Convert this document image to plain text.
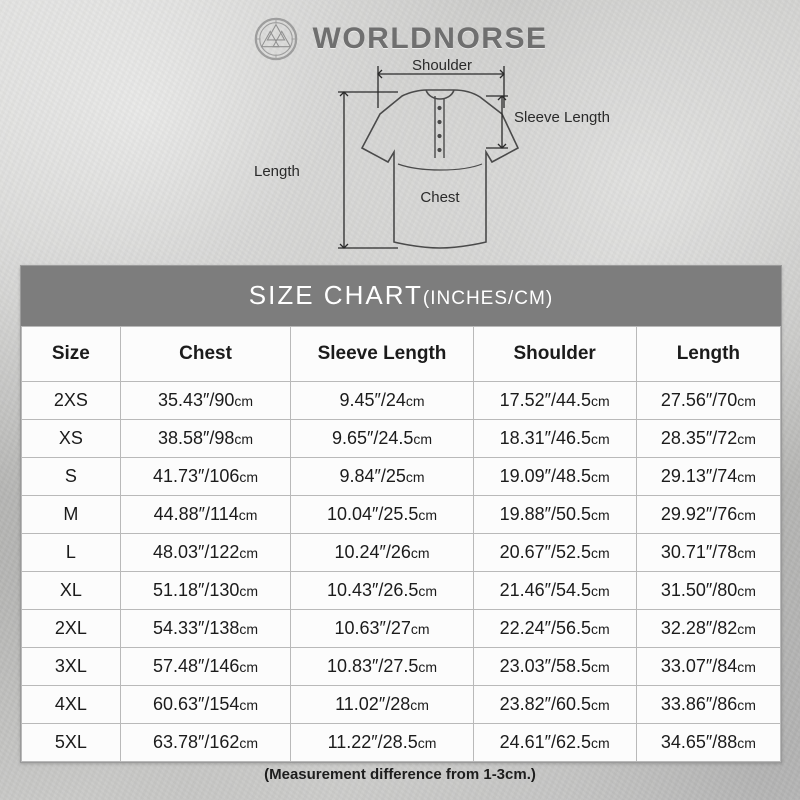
WORLDNORSE
Shoulder
Sleeve Length
Length
Chest
SIZE CHART(INCHES/CM)
Size	Chest	Sleeve Length	Shoulder	Length
2XS	35.43″/90cm	9.45″/24cm	17.52″/44.5cm	27.56″/70cm
XS	38.58″/98cm	9.65″/24.5cm	18.31″/46.5cm	28.35″/72cm
S	41.73″/106cm	9.84″/25cm	19.09″/48.5cm	29.13″/74cm
M	44.88″/114cm	10.04″/25.5cm	19.88″/50.5cm	29.92″/76cm
L	48.03″/122cm	10.24″/26cm	20.67″/52.5cm	30.71″/78cm
XL	51.18″/130cm	10.43″/26.5cm	21.46″/54.5cm	31.50″/80cm
2XL	54.33″/138cm	10.63″/27cm	22.24″/56.5cm	32.28″/82cm
3XL	57.48″/146cm	10.83″/27.5cm	23.03″/58.5cm	33.07″/84cm
4XL	60.63″/154cm	11.02″/28cm	23.82″/60.5cm	33.86″/86cm
5XL	63.78″/162cm	11.22″/28.5cm	24.61″/62.5cm	34.65″/88cm
(Measurement difference from 1-3cm.)
